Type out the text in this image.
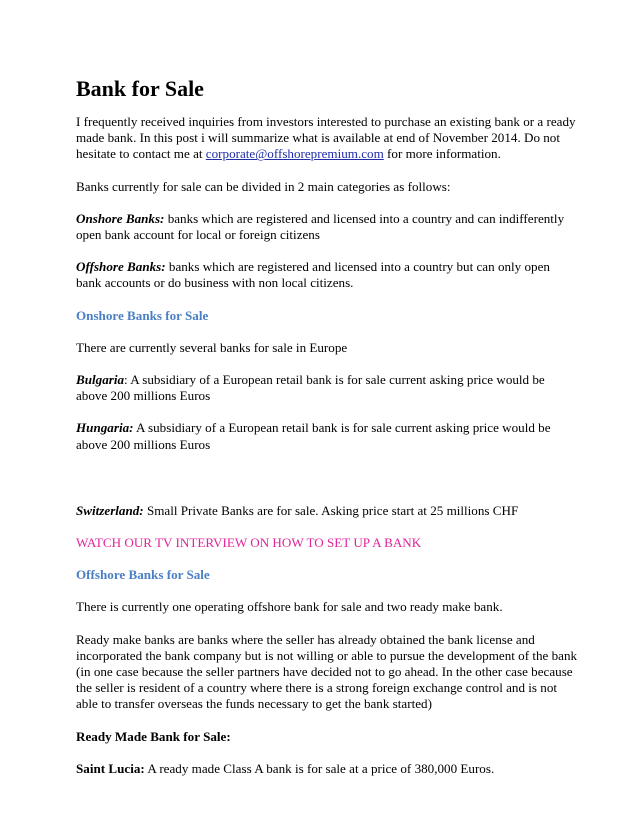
Bank for Sale

I frequently received inquiries from investors interested to purchase an existing bank or a ready made bank. In this post i will summarize what is available at end of November 2014. Do not hesitate to contact me at corporate@offshorepremium.com for more information.

Banks currently for sale can be divided in 2 main categories as follows:

Onshore Banks: banks which are registered and licensed into a country and can indifferently open bank account for local or foreign citizens

Offshore Banks: banks which are registered and licensed into a country but can only open bank accounts or do business with non local citizens.

Onshore Banks for Sale

There are currently several banks for sale in Europe

Bulgaria: A subsidiary of a European retail bank is for sale current asking price would be above 200 millions Euros

Hungaria: A subsidiary of a European retail bank is for sale current asking price would be above 200 millions Euros

Switzerland: Small Private Banks are for sale. Asking price start at 25 millions CHF

WATCH OUR TV INTERVIEW ON HOW TO SET UP A BANK

Offshore Banks for Sale

There is currently one operating offshore bank for sale and two ready make bank.

Ready make banks are banks where the seller has already obtained the bank license and incorporated the bank company but is not willing or able to pursue the development of the bank (in one case because the seller partners have decided not to go ahead. In the other case because the seller is resident of a country where there is a strong foreign exchange control and is not able to transfer overseas the funds necessary to get the bank started)

Ready Made Bank for Sale:

Saint Lucia: A ready made Class A bank is for sale at a price of 380,000 Euros.
